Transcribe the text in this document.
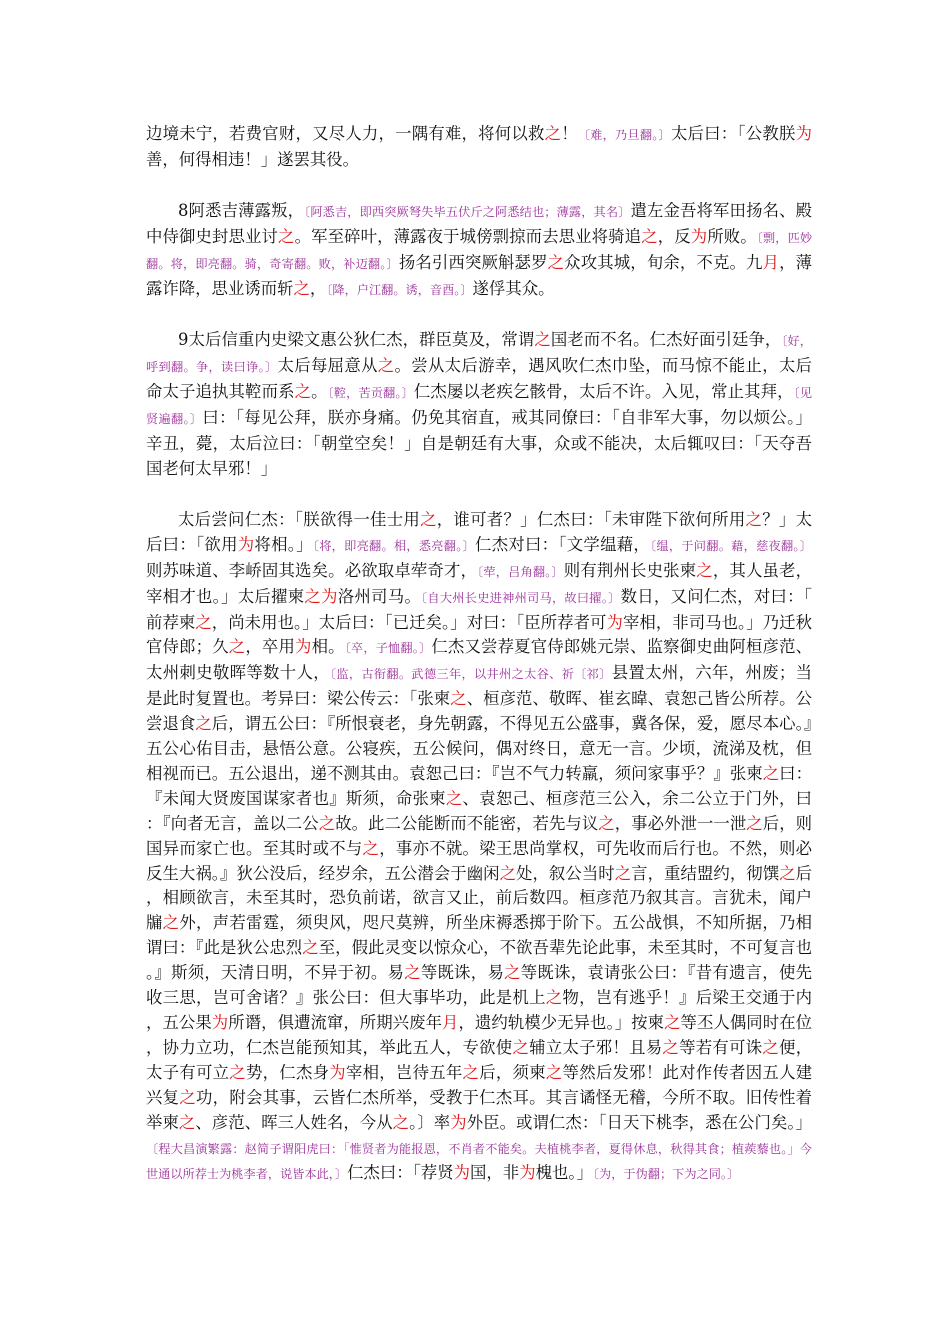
边境未宁，若费官财，又尽人力，一隅有难，将何以救之！〔难，乃旦翻。〕太后曰：「公教朕为善，何得相违！」遂罢其役。

8阿悉吉薄露叛，〔阿悉吉，即西突厥弩失毕五伏斤之阿悉结也；薄露，其名〕遣左金吾将军田扬名、殿中侍御史封思业讨之。军至碎叶，薄露夜于城傍剽掠而去思业将骑追之，反为所败。〔剽，匹妙翻。将，即亮翻。骑，奇寄翻。败，补迈翻。〕扬名引西突厥斛瑟罗之众攻其城，旬余，不克。九月，薄露诈降，思业诱而斩之，〔降，户江翻。诱，音酉。〕遂俘其众。

9太后信重内史梁文惠公狄仁杰，群臣莫及，常谓之国老而不名。仁杰好面引廷争，〔好，呼到翻。争，读曰诤。〕太后每屈意从之。尝从太后游幸，遇风吹仁杰巾坠，而马惊不能止，太后命太子追执其鞚而系之。〔鞚，苦贡翻。〕仁杰屡以老疾乞骸骨，太后不许。入见，常止其拜，〔见贤遍翻。〕曰：「每见公拜，朕亦身痛。仍免其宿直，戒其同僚曰：「自非军大事，勿以烦公。」辛丑，薨，太后泣曰：「朝堂空矣！」自是朝廷有大事，众或不能决，太后辄叹曰：「天夺吾国老何太早邪！」

太后尝问仁杰：「朕欲得一佳士用之，谁可者？」仁杰曰：「未审陛下欲何所用之？」太后曰：「欲用为将相。」〔将，即亮翻。相，悉亮翻。〕仁杰对曰：「文学缊藉，〔缊，于问翻。藉，慈夜翻。〕则苏味道、李峤固其选矣。必欲取卓荦奇才，〔荦，吕角翻。〕则有荆州长史张柬之，其人虽老，宰相才也。」太后擢柬之为洛州司马。〔自大州长史进神州司马，故曰擢。〕数日，又问仁杰，对曰：「前荐柬之，尚未用也。」太后曰：「已迁矣。」对曰：「臣所荐者可为宰相，非司马也。」乃迁秋官侍郎；久之，卒用为相。〔卒，子恤翻。〕仁杰又尝荐夏官侍郎姚元崇、监察御史曲阿桓彦范、太州刺史敬晖等数十人，〔监，古衔翻。武德三年，以井州之太谷、祈〔祁〕县置太州，六年，州废；当是此时复置也。考异曰：梁公传云：「张柬之、桓彦范、敬晖、崔玄暐、袁恕己皆公所荐。公尝退食之后，谓五公曰：『所恨衰老，身先朝露，不得见五公盛事，冀各保，爱，愿尽本心。』五公心佑目击，悬悟公意。公寝疾，五公候问，偶对终日，意无一言。少顷，流涕及枕，但相视而已。五公退出，递不测其由。袁恕己曰：『岂不气力转羸，须问家事乎？』张柬之曰：『未闻大贤废国谋家者也』斯须，命张柬之、袁恕己、桓彦范三公入，余二公立于门外，曰：『向者无言，盖以二公之故。此二公能断而不能密，若先与议之，事必外泄一一泄之后，则国异而家亡也。至其时或不与之，事亦不就。梁王思尚掌权，可先收而后行也。不然，则必反生大祸。』狄公没后，经岁余，五公潜会于幽闲之处，叙公当时之言，重结盟约，彻馔之后，相顾欲言，未至其时，恐负前诺，欲言又止，前后数四。桓彦范乃叙其言。言犹未，闻户牖之外，声若雷霆，须臾风，咫尺莫辨，所坐床褥悉掷于阶下。五公战惧，不知所据，乃相谓曰：『此是狄公忠烈之至，假此灵变以惊众心，不欲吾辈先论此事，未至其时，不可复言也。』斯须，天清日明，不异于初。易之等既诛，易之等既诛，袁请张公曰：『昔有遗言，使先收三思，岂可舍诸？』张公曰：但大事毕功，此是机上之物，岂有逃乎！』后梁王交通于内，五公果为所谮，俱遭流窜，所期兴废年月，遗约轨模少无异也。」按柬之等丕人偶同时在位，协力立功，仁杰岂能预知其，举此五人，专欲使之辅立太子邪！且易之等若有可诛之便，太子有可立之势，仁杰身为宰相，岂待五年之后，须柬之等然后发邪！此对作传者因五人建兴复之功，附会其事，云皆仁杰所举，受教于仁杰耳。其言谲怪无稽，今所不取。旧传性着举柬之、彦范、晖三人姓名，今从之。〕率为外臣。或谓仁杰：「日天下桃李，悉在公门矣。」〔程大昌演繁露：赵简子谓阳虎曰：「惟贤者为能报恩，不肖者不能矣。夫植桃李者，夏得休息，秋得其食；植蒺藜也。」今世通以所荐士为桃李者，说皆本此，〕仁杰曰：「荐贤为国，非为槐也。」〔为，于伪翻；下为之同。〕
